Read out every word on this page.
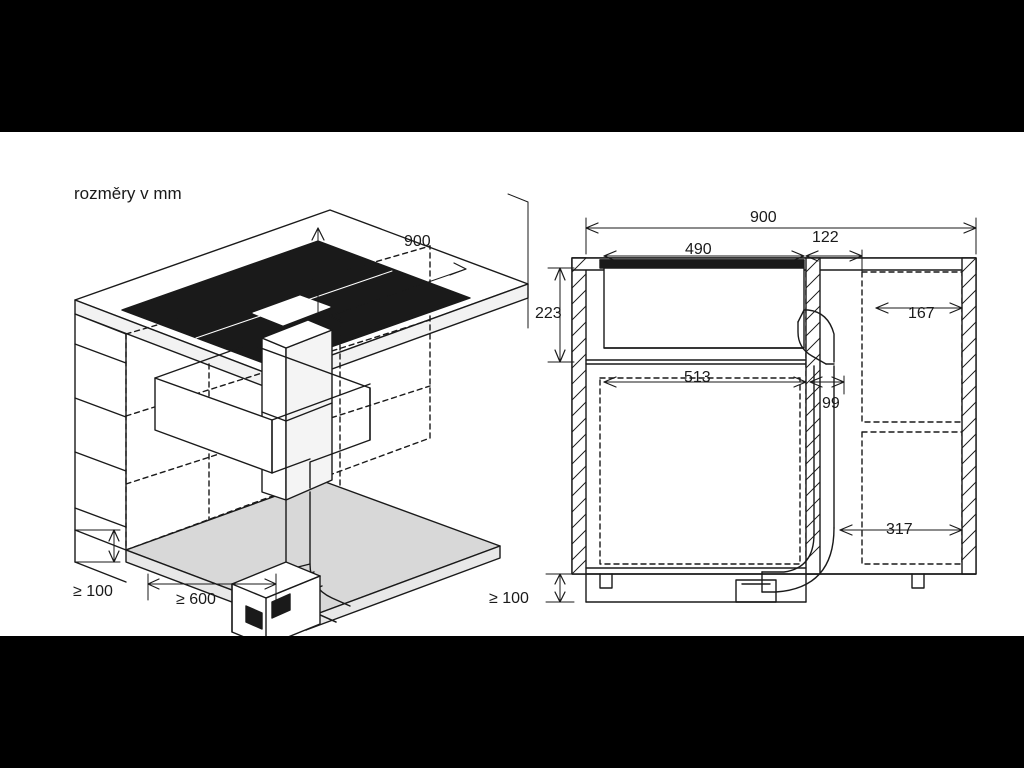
rozměry v mm
900
≥ 100	≥ 600
900
490
122
223	167
513
99
317
≥ 100
